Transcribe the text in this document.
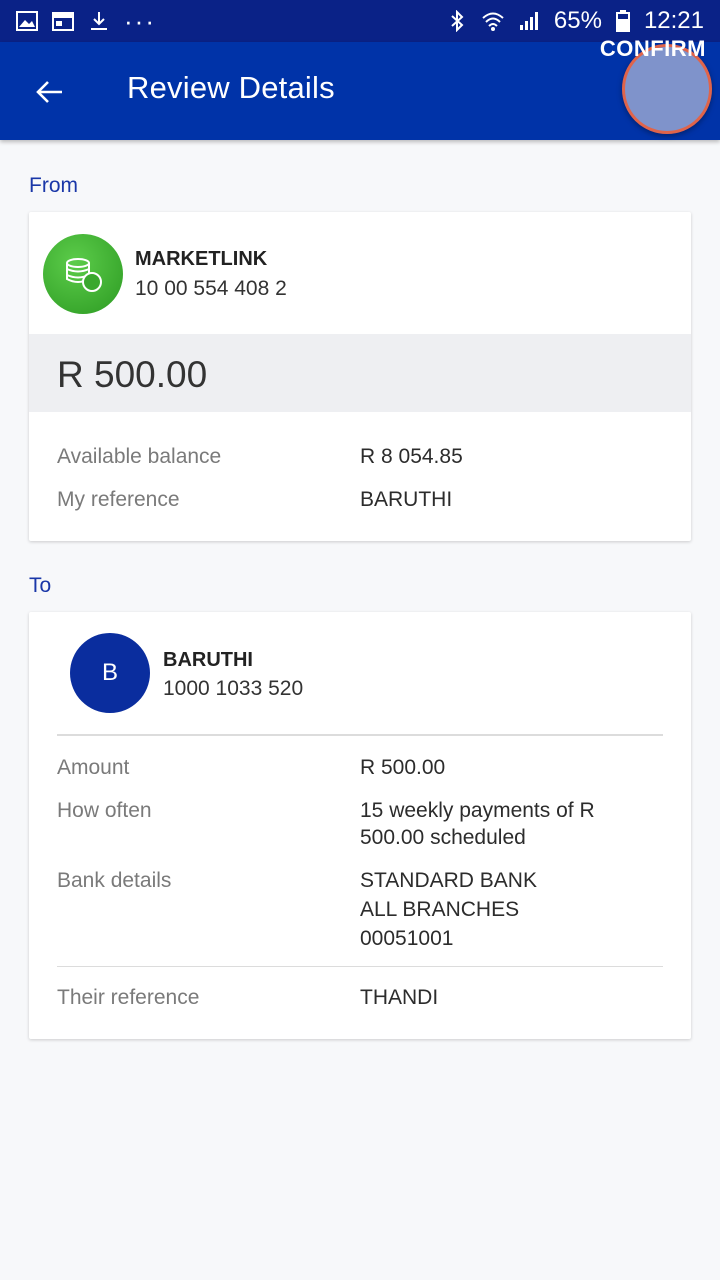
···	65% 12:21
Review Details
CONFIRM
From
MARKETLINK
10 00 554 408 2
R 500.00
Available balance	R 8 054.85
My reference	BARUTHI
To
B BARUTHI
1000 1033 520
Amount	R 500.00
How often	15 weekly payments of R 500.00 scheduled
Bank details	STANDARD BANK
ALL BRANCHES
00051001
Their reference	THANDI
